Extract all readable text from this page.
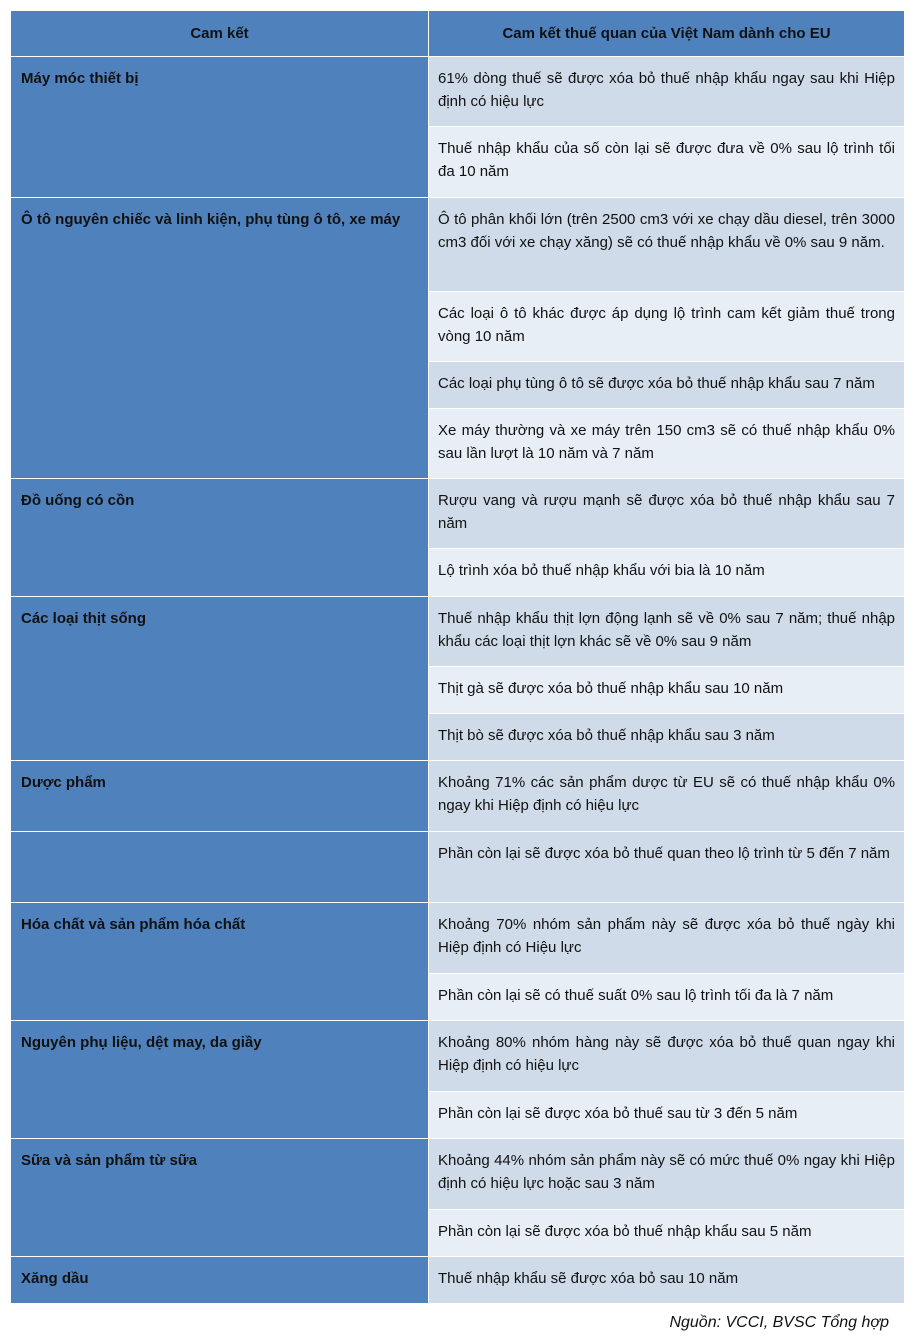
Cam kết	Cam kết thuế quan của Việt Nam dành cho EU
Máy móc thiết bị	61% dòng thuế sẽ được xóa bỏ thuế nhập khẩu ngay sau khi Hiệp định có hiệu lực
Thuế nhập khẩu của số còn lại sẽ được đưa về 0% sau lộ trình tối đa 10 năm
Ô tô nguyên chiếc và linh kiện, phụ tùng ô tô, xe máy	Ô tô phân khối lớn (trên 2500 cm3 với xe chạy dầu diesel, trên 3000 cm3 đối với xe chạy xăng) sẽ có thuế nhập khẩu về 0% sau 9 năm.
Các loại ô tô khác được áp dụng lộ trình cam kết giảm thuế trong vòng 10 năm
Các loại phụ tùng ô tô sẽ được xóa bỏ thuế nhập khẩu sau 7 năm
Xe máy thường và xe máy trên 150 cm3 sẽ có thuế nhập khẩu 0% sau lần lượt là 10 năm và 7 năm
Đồ uống có cồn	Rượu vang và rượu mạnh sẽ được xóa bỏ thuế nhập khẩu sau 7 năm
Lộ trình xóa bỏ thuế nhập khẩu với bia là 10 năm
Các loại thịt sống	Thuế nhập khẩu thịt lợn động lạnh sẽ về 0% sau 7 năm; thuế nhập khẩu các loại thịt lợn khác sẽ về 0% sau 9 năm
Thịt gà sẽ được xóa bỏ thuế nhập khẩu sau 10 năm
Thịt bò sẽ được xóa bỏ thuế nhập khẩu sau 3 năm
Dược phẩm	Khoảng 71% các sản phẩm dược từ EU sẽ có thuế nhập khẩu 0% ngay khi Hiệp định có hiệu lực
Phần còn lại sẽ được xóa bỏ thuế quan theo lộ trình từ 5 đến 7 năm
Hóa chất và sản phẩm hóa chất	Khoảng 70% nhóm sản phẩm này sẽ được xóa bỏ thuế ngày khi Hiệp định có Hiệu lực
Phần còn lại sẽ có thuế suất 0% sau lộ trình tối đa là 7 năm
Nguyên phụ liệu, dệt may, da giầy	Khoảng 80% nhóm hàng này sẽ được xóa bỏ thuế quan ngay khi Hiệp định có hiệu lực
Phần còn lại sẽ được xóa bỏ thuế sau từ 3 đến 5 năm
Sữa và sản phẩm từ sữa	Khoảng 44% nhóm sản phẩm này sẽ có mức thuế 0% ngay khi Hiệp định có hiệu lực hoặc sau 3 năm
Phần còn lại sẽ được xóa bỏ thuế nhập khẩu sau 5 năm
Xăng dầu	Thuế nhập khẩu sẽ được xóa bỏ sau 10 năm
Nguồn: VCCI, BVSC Tổng hợp
